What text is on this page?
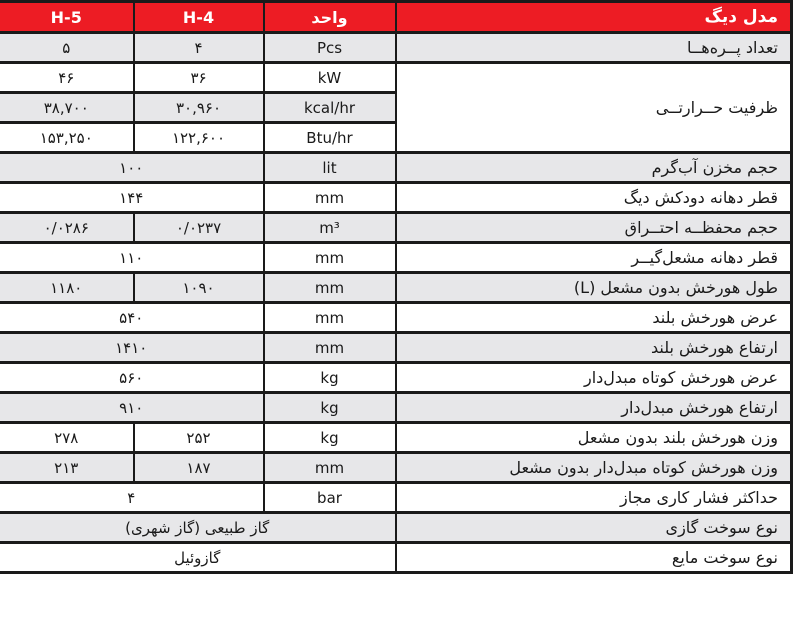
مدل دیگ	واحد	H-4	H-5
تعداد پــره‌هــا	Pcs	۴	۵
ظرفیت حــرارتــی	kW	۳۶	۴۶
	kcal/hr	۳۰,۹۶۰	۳۸,۷۰۰
	Btu/hr	۱۲۲,۶۰۰	۱۵۳,۲۵۰
حجم مخزن آب‌گرم	lit	۱۰۰	
قطر دهانه دودکش دیگ	mm	۱۴۴	
حجم محفظــه احتــراق	m³	۰/۰۲۳۷	۰/۰۲۸۶
قطر دهانه مشعل‌گیــر	mm	۱۱۰	
طول هورخش بدون مشعل (L)	mm	۱۰۹۰	۱۱۸۰
عرض هورخش بلند	mm	۵۴۰	
ارتفاع هورخش بلند	mm	۱۴۱۰	
عرض هورخش کوتاه مبدل‌دار	kg	۵۶۰	
ارتفاع هورخش مبدل‌دار	kg	۹۱۰	
وزن هورخش بلند بدون مشعل	kg	۲۵۲	۲۷۸
وزن هورخش کوتاه مبدل‌دار بدون مشعل	mm	۱۸۷	۲۱۳
حداکثر فشار کاری مجاز	bar	۴	
نوع سوخت گازی	گاز طبیعی (گاز شهری)		
نوع سوخت مایع	گازوئیل		
